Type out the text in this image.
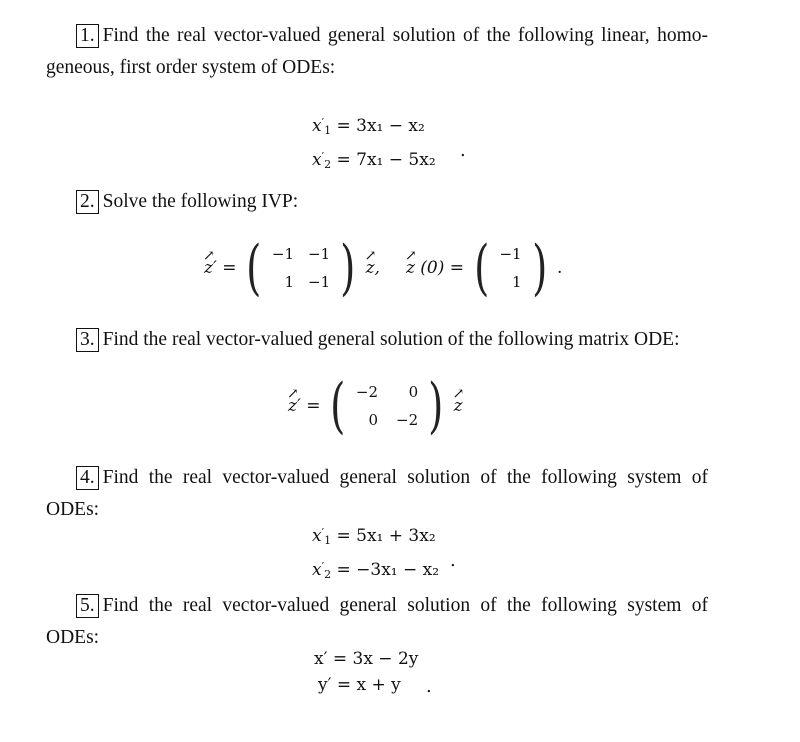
1. Find the real vector-valued general solution of the following linear, homo- geneous, first order system of ODEs:
$x'_1 = 3x_1 - x_2$
$x'_2 = 7x_1 - 5x_2$ .
2. Solve the following IVP:
↗ z′ = ( −1 −1
1 −1 ) ↗ z, ↗ z (0) = ( −1
1 ) .
3. Find the real vector-valued general solution of the following matrix ODE:
↗ z′ = ( −2	0
0 −2 ) ↗ z
4. Find the real vector-valued general solution of the following system of ODEs:
$x'_1 = 5x_1 + 3x_2$
$x'_2 = -3x_1 - x_2$ .
5. Find the real vector-valued general solution of the following system of ODEs:
x′ = 3x − 2y
y′ = x + y	.
